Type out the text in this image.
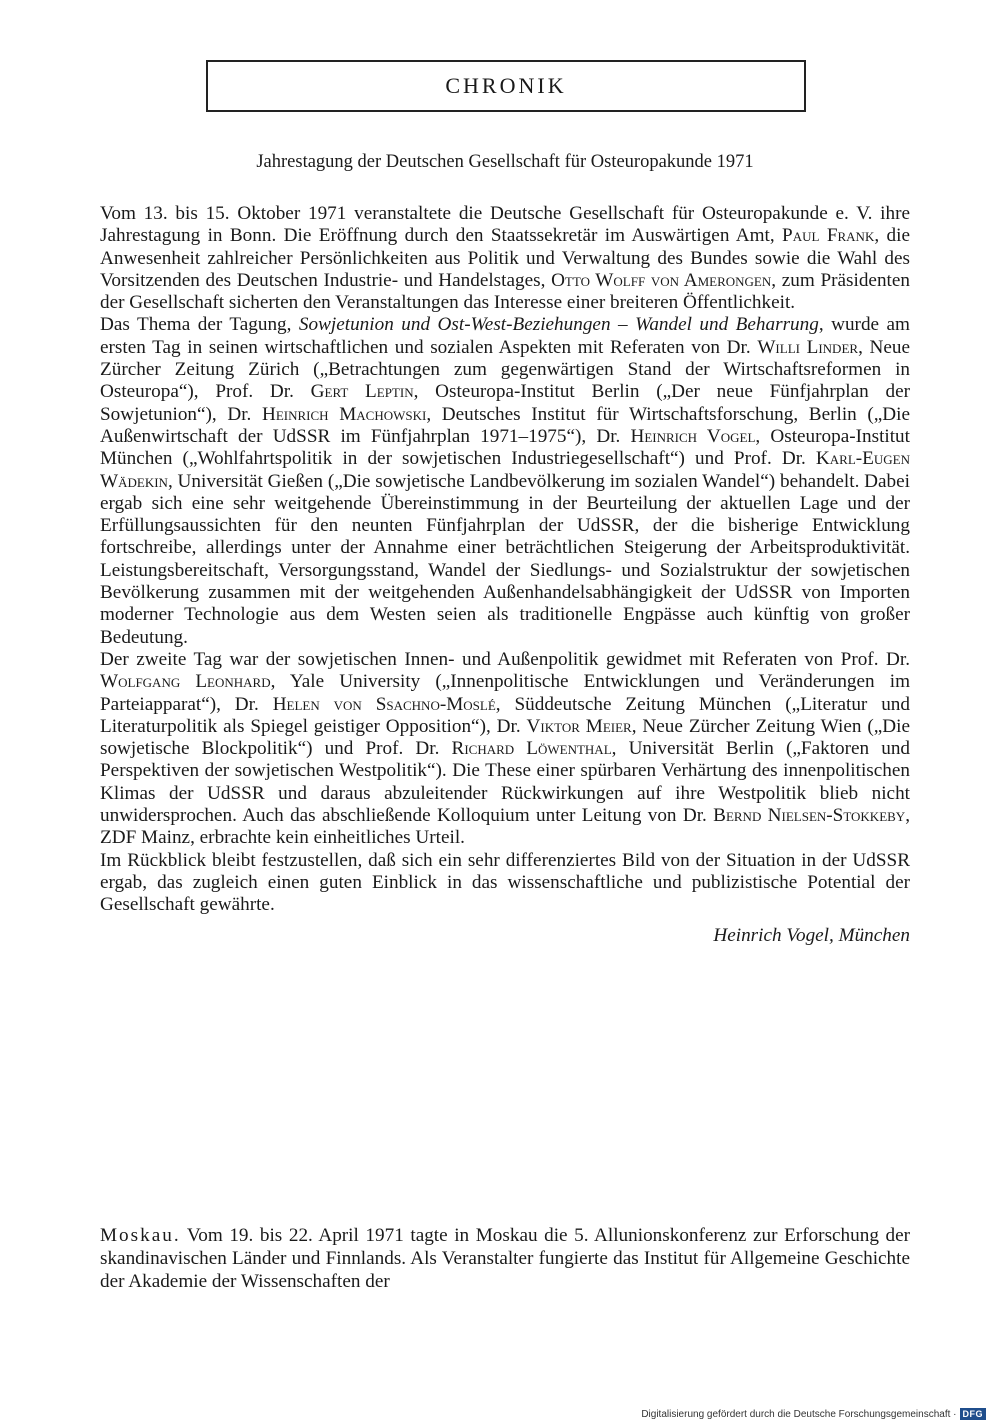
CHRONIK
Jahrestagung der Deutschen Gesellschaft für Osteuropakunde 1971

Vom 13. bis 15. Oktober 1971 veranstaltete die Deutsche Gesellschaft für Osteuropakunde e. V. ihre Jahrestagung in Bonn. Die Eröffnung durch den Staatssekretär im Auswärtigen Amt, Paul Frank, die Anwesenheit zahlreicher Persönlichkeiten aus Politik und Verwaltung des Bundes sowie die Wahl des Vorsitzenden des Deutschen Industrie- und Handelstages, Otto Wolff von Amerongen, zum Präsidenten der Gesellschaft sicherten den Veranstaltungen das Interesse einer breiteren Öffentlichkeit.

Das Thema der Tagung, Sowjetunion und Ost-West-Beziehungen – Wandel und Beharrung, wurde am ersten Tag in seinen wirtschaftlichen und sozialen Aspekten mit Referaten von Dr. Willi Linder, Neue Zürcher Zeitung Zürich („Betrachtungen zum gegenwärtigen Stand der Wirtschaftsreformen in Osteuropa“), Prof. Dr. Gert Leptin, Osteuropa-Institut Berlin („Der neue Fünfjahrplan der Sowjetunion“), Dr. Heinrich Machowski, Deutsches Institut für Wirtschaftsforschung, Berlin („Die Außenwirtschaft der UdSSR im Fünfjahrplan 1971–1975“), Dr. Heinrich Vogel, Osteuropa-Institut München („Wohlfahrtspolitik in der sowjetischen Industriegesellschaft“) und Prof. Dr. Karl-Eugen Wädekin, Universität Gießen („Die sowjetische Landbevölkerung im sozialen Wandel“) behandelt. Dabei ergab sich eine sehr weitgehende Übereinstimmung in der Beurteilung der aktuellen Lage und der Erfüllungsaussichten für den neunten Fünfjahrplan der UdSSR, der die bisherige Entwicklung fortschreibe, allerdings unter der Annahme einer beträchtlichen Steigerung der Arbeitsproduktivität. Leistungsbereitschaft, Versorgungsstand, Wandel der Siedlungs- und Sozialstruktur der sowjetischen Bevölkerung zusammen mit der weitgehenden Außenhandelsabhängigkeit der UdSSR von Importen moderner Technologie aus dem Westen seien als traditionelle Engpässe auch künftig von großer Bedeutung.

Der zweite Tag war der sowjetischen Innen- und Außenpolitik gewidmet mit Referaten von Prof. Dr. Wolfgang Leonhard, Yale University („Innenpolitische Entwicklungen und Veränderungen im Parteiapparat“), Dr. Helen von Ssachno-Moslé, Süddeutsche Zeitung München („Literatur und Literaturpolitik als Spiegel geistiger Opposition“), Dr. Viktor Meier, Neue Zürcher Zeitung Wien („Die sowjetische Blockpolitik“) und Prof. Dr. Richard Löwenthal, Universität Berlin („Faktoren und Perspektiven der sowjetischen Westpolitik“). Die These einer spürbaren Verhärtung des innenpolitischen Klimas der UdSSR und daraus abzuleitender Rückwirkungen auf ihre Westpolitik blieb nicht unwidersprochen. Auch das abschließende Kolloquium unter Leitung von Dr. Bernd Nielsen-Stokkeby, ZDF Mainz, erbrachte kein einheitliches Urteil.

Im Rückblick bleibt festzustellen, daß sich ein sehr differenziertes Bild von der Situation in der UdSSR ergab, das zugleich einen guten Einblick in das wissenschaftliche und publizistische Potential der Gesellschaft gewährte.

Heinrich Vogel, München
Moskau. Vom 19. bis 22. April 1971 tagte in Moskau die 5. Allunionskonferenz zur Erforschung der skandinavischen Länder und Finnlands. Als Veranstalter fungierte das Institut für Allgemeine Geschichte der Akademie der Wissenschaften der
Digitalisierung gefördert durch die Deutsche Forschungsgemeinschaft · DFG
